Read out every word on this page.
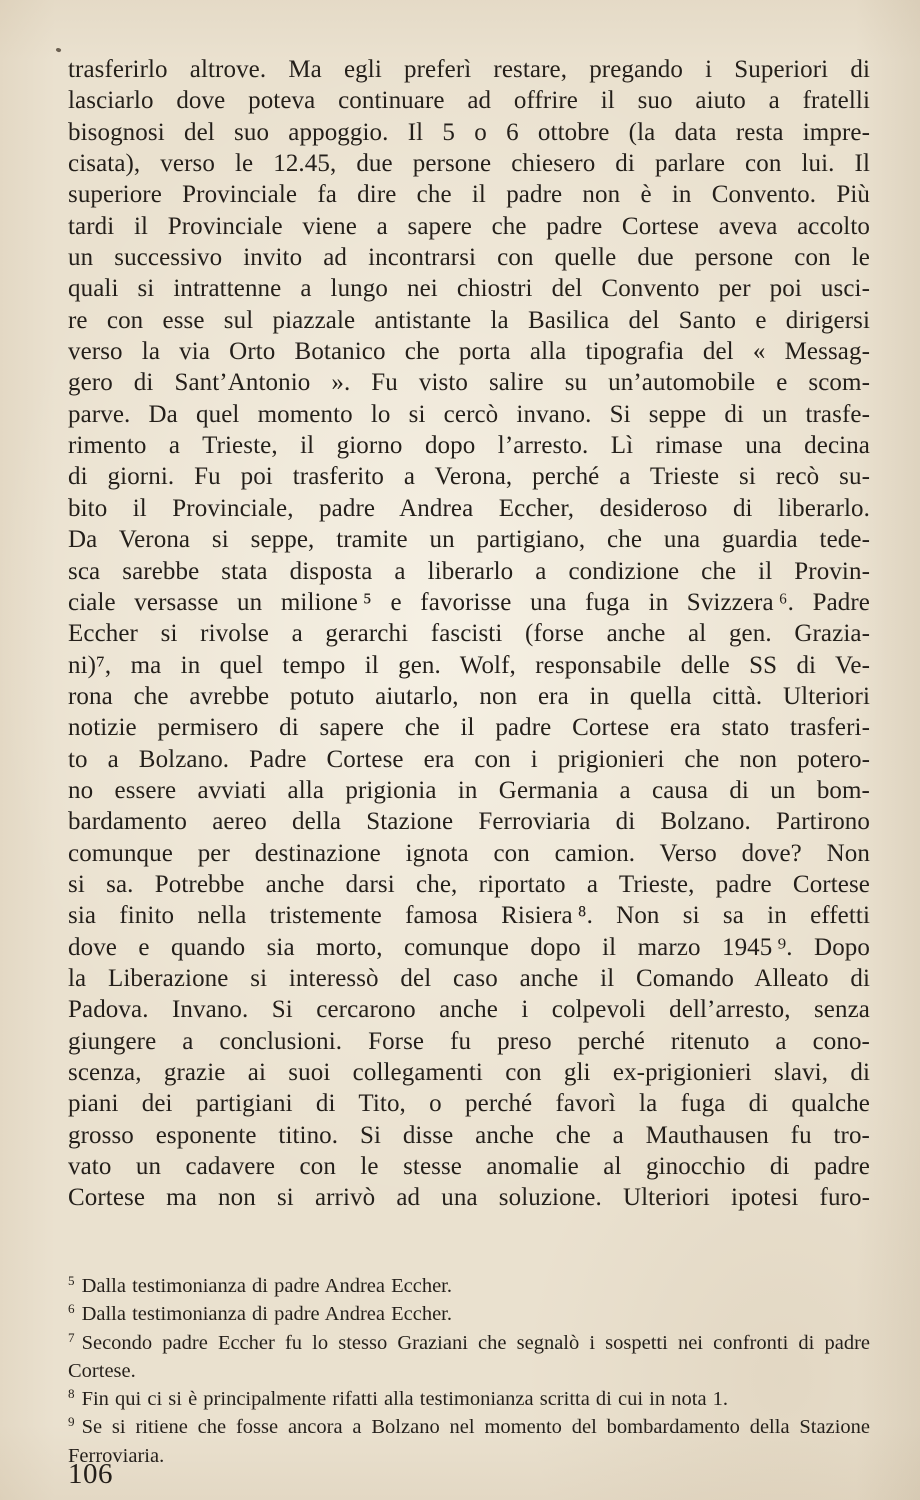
trasferirlo altrove. Ma egli preferì restare, pregando i Superiori di
lasciarlo dove poteva continuare ad offrire il suo aiuto a fratelli
bisognosi del suo appoggio. Il 5 o 6 ottobre (la data resta impre-
cisata), verso le 12.45, due persone chiesero di parlare con lui. Il
superiore Provinciale fa dire che il padre non è in Convento. Più
tardi il Provinciale viene a sapere che padre Cortese aveva accolto
un successivo invito ad incontrarsi con quelle due persone con le
quali si intrattenne a lungo nei chiostri del Convento per poi usci-
re con esse sul piazzale antistante la Basilica del Santo e dirigersi
verso la via Orto Botanico che porta alla tipografia del « Messag-
gero di Sant’Antonio ». Fu visto salire su un’automobile e scom-
parve. Da quel momento lo si cercò invano. Si seppe di un trasfe-
rimento a Trieste, il giorno dopo l’arresto. Lì rimase una decina
di giorni. Fu poi trasferito a Verona, perché a Trieste si recò su-
bito il Provinciale, padre Andrea Eccher, desideroso di liberarlo.
Da Verona si seppe, tramite un partigiano, che una guardia tede-
sca sarebbe stata disposta a liberarlo a condizione che il Provin-
ciale versasse un milione ⁵ e favorisse una fuga in Svizzera ⁶. Padre
Eccher si rivolse a gerarchi fascisti (forse anche al gen. Grazia-
ni)⁷, ma in quel tempo il gen. Wolf, responsabile delle SS di Ve-
rona che avrebbe potuto aiutarlo, non era in quella città. Ulteriori
notizie permisero di sapere che il padre Cortese era stato trasferi-
to a Bolzano. Padre Cortese era con i prigionieri che non potero-
no essere avviati alla prigionia in Germania a causa di un bom-
bardamento aereo della Stazione Ferroviaria di Bolzano. Partirono
comunque per destinazione ignota con camion. Verso dove? Non
si sa. Potrebbe anche darsi che, riportato a Trieste, padre Cortese
sia finito nella tristemente famosa Risiera ⁸. Non si sa in effetti
dove e quando sia morto, comunque dopo il marzo 1945 ⁹. Dopo
la Liberazione si interessò del caso anche il Comando Alleato di
Padova. Invano. Si cercarono anche i colpevoli dell’arresto, senza
giungere a conclusioni. Forse fu preso perché ritenuto a cono-
scenza, grazie ai suoi collegamenti con gli ex-prigionieri slavi, di
piani dei partigiani di Tito, o perché favorì la fuga di qualche
grosso esponente titino. Si disse anche che a Mauthausen fu tro-
vato un cadavere con le stesse anomalie al ginocchio di padre
Cortese ma non si arrivò ad una soluzione. Ulteriori ipotesi furo-
5 Dalla testimonianza di padre Andrea Eccher.
6 Dalla testimonianza di padre Andrea Eccher.
7 Secondo padre Eccher fu lo stesso Graziani che segnalò i sospetti nei confronti di padre
Cortese.
8 Fin qui ci si è principalmente rifatti alla testimonianza scritta di cui in nota 1.
9 Se si ritiene che fosse ancora a Bolzano nel momento del bombardamento della Stazione
Ferroviaria.
106
